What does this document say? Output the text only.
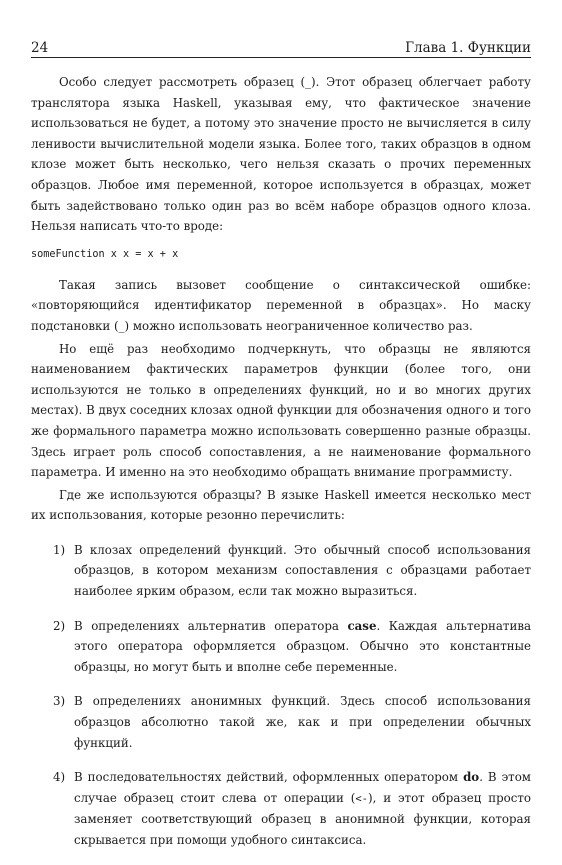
24	Глава 1. Функции

Особо следует рассмотреть образец (_). Этот образец облегчает работу транслятора языка Haskell, указывая ему, что фактическое значение использоваться не будет, а потому это значение просто не вычисляется в силу ленивости вычислительной модели языка. Более того, таких образцов в одном клозе может быть несколько, чего нельзя сказать о прочих переменных образцов. Любое имя переменной, которое используется в образцах, может быть задействовано только один раз во всём наборе образцов одного клоза. Нельзя написать что-то вроде:

someFunction x x = x + x

Такая запись вызовет сообщение о синтаксической ошибке: «повторяющийся идентификатор переменной в образцах». Но маску подстановки (_) можно использовать неограниченное количество раз.

Но ещё раз необходимо подчеркнуть, что образцы не являются наименованием фактических параметров функции (более того, они используются не только в определениях функций, но и во многих других местах). В двух соседних клозах одной функции для обозначения одного и того же формального параметра можно использовать совершенно разные образцы. Здесь играет роль способ сопоставления, а не наименование формального параметра. И именно на это необходимо обращать внимание программисту.

Где же используются образцы? В языке Haskell имеется несколько мест их использования, которые резонно перечислить:

1) В клозах определений функций. Это обычный способ использования образцов, в котором механизм сопоставления с образцами работает наиболее ярким образом, если так можно выразиться.
2) В определениях альтернатив оператора case. Каждая альтернатива этого оператора оформляется образцом. Обычно это константные образцы, но могут быть и вполне себе переменные.
3) В определениях анонимных функций. Здесь способ использования образцов абсолютно такой же, как и при определении обычных функций.
4) В последовательностях действий, оформленных оператором do. В этом случае образец стоит слева от операции (<-), и этот образец просто заменяет соответствующий образец в анонимной функции, которая скрывается при помощи удобного синтаксиса.
